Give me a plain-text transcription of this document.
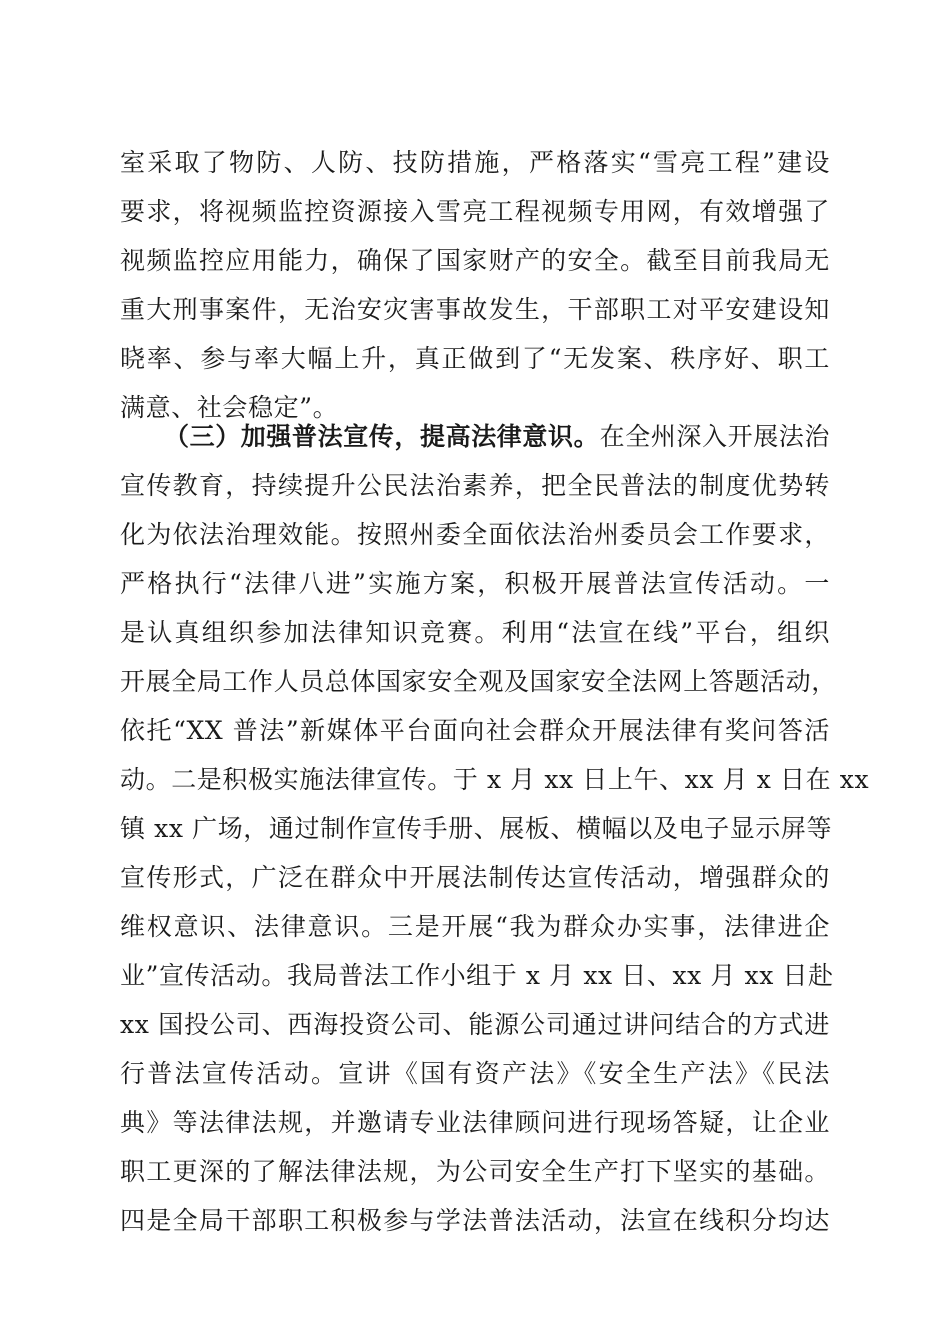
室采取了物防、人防、技防措施，严格落实“雪亮工程”建设
要求，将视频监控资源接入雪亮工程视频专用网，有效增强了
视频监控应用能力，确保了国家财产的安全。截至目前我局无
重大刑事案件，无治安灾害事故发生，干部职工对平安建设知
晓率、参与率大幅上升，真正做到了“无发案、秩序好、职工
满意、社会稳定”。
（三）加强普法宣传，提高法律意识。 在全州深入开展法治
宣传教育，持续提升公民法治素养，把全民普法的制度优势转
化为依法治理效能。按照州委全面依法治州委员会工作要求，
严格执行“法律八进”实施方案，积极开展普法宣传活动。一
是认真组织参加法律知识竞赛。利用“法宣在线”平台，组织
开展全局工作人员总体国家安全观及国家安全法网上答题活动，
依托“XX 普法”新媒体平台面向社会群众开展法律有奖问答活
动。二是积极实施法律宣传。于 x 月 xx 日上午、xx 月 x 日在 xx
镇 xx 广场，通过制作宣传手册、展板、横幅以及电子显示屏等
宣传形式，广泛在群众中开展法制传达宣传活动，增强群众的
维权意识、法律意识。三是开展“我为群众办实事，法律进企
业”宣传活动。我局普法工作小组于 x 月 xx 日、xx 月 xx 日赴
xx 国投公司、西海投资公司、能源公司通过讲问结合的方式进
行普法宣传活动。宣讲《国有资产法》《安全生产法》《民法
典》等法律法规，并邀请专业法律顾问进行现场答疑，让企业
职工更深的了解法律法规，为公司安全生产打下坚实的基础。
四是全局干部职工积极参与学法普法活动，法宣在线积分均达
